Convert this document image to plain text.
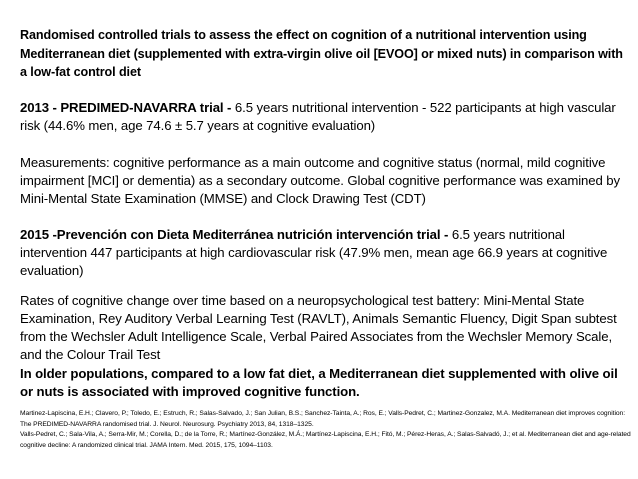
Randomised controlled trials to assess the effect on cognition of a nutritional intervention using Mediterranean diet (supplemented with extra-virgin olive oil [EVOO] or mixed nuts) in comparison with a low-fat control diet
2013 - PREDIMED-NAVARRA trial - 6.5 years nutritional intervention - 522 participants at high vascular risk (44.6% men, age 74.6 ± 5.7 years at cognitive evaluation)
Measurements: cognitive performance as a main outcome and cognitive status (normal, mild cognitive impairment [MCI] or dementia) as a secondary outcome. Global cognitive performance was examined by Mini-Mental State Examination (MMSE) and Clock Drawing Test (CDT)
2015 -Prevención con Dieta Mediterránea nutrición intervención trial - 6.5 years nutritional intervention 447 participants at high cardiovascular risk (47.9% men, mean age 66.9 years at cognitive evaluation)
Rates of cognitive change over time based on a neuropsychological test battery: Mini-Mental State Examination, Rey Auditory Verbal Learning Test (RAVLT), Animals Semantic Fluency, Digit Span subtest from the Wechsler Adult Intelligence Scale, Verbal Paired Associates from the Wechsler Memory Scale, and the Colour Trail Test
In older populations, compared to a low fat diet, a Mediterranean diet supplemented with olive oil or nuts is associated with improved cognitive function.
Martinez-Lapiscina, E.H.; Clavero, P.; Toledo, E.; Estruch, R.; Salas-Salvado, J.; San Julian, B.S.; Sanchez-Tainta, A.; Ros, E.; Valls-Pedret, C.; Martinez-Gonzalez, M.A. Mediterranean diet improves cognition: The PREDIMED-NAVARRA randomised trial. J. Neurol. Neurosurg. Psychiatry 2013, 84, 1318–1325.
Valls-Pedret, C.; Sala-Vila, A.; Serra-Mir, M.; Corella, D.; de la Torre, R.; Martínez-González, M.Á.; Martínez-Lapiscina, E.H.; Fitó, M.; Pérez-Heras, A.; Salas-Salvadó, J.; et al. Mediterranean diet and age-related cognitive decline: A randomized clinical trial. JAMA Intern. Med. 2015, 175, 1094–1103.
